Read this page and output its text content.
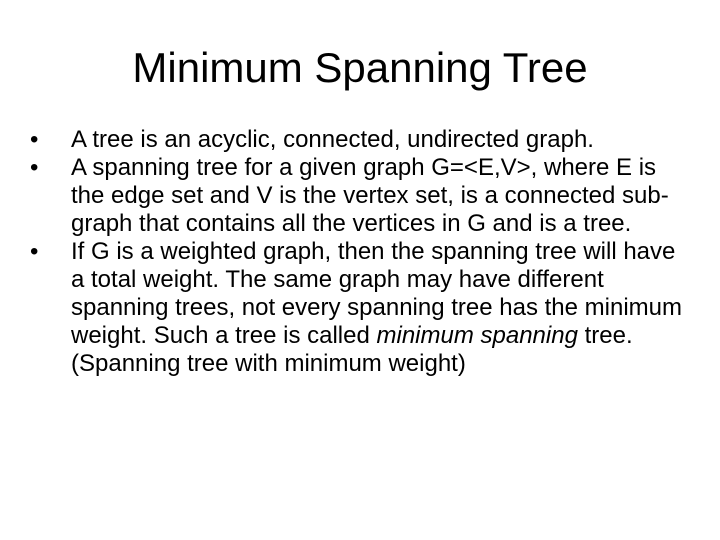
Minimum Spanning Tree
•	A tree is an acyclic, connected, undirected graph.
•	A spanning tree for a given graph G=<E,V>, where E is the edge set and V is the vertex set, is a connected sub-graph that contains all the vertices in G and is a tree.
•	If G is a weighted graph, then the spanning tree will have a total weight. The same graph may have different spanning trees, not every spanning tree has the minimum weight. Such a tree is called minimum spanning tree. (Spanning tree with minimum weight)
